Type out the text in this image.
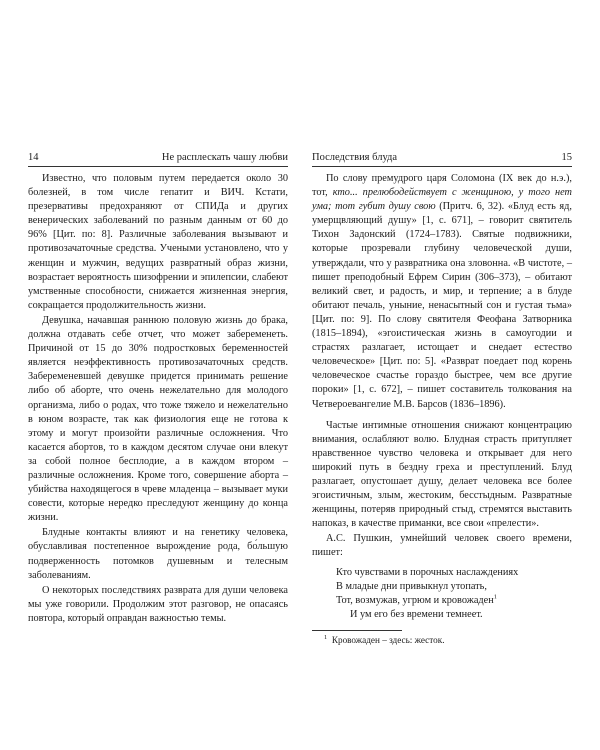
14	Не расплескать чашу любви

Известно, что половым путем передается около 30 болезней, в том числе гепатит и ВИЧ. Кстати, презервативы предохраняют от СПИДа и других венерических заболеваний по разным данным от 60 до 96% [Цит. по: 8]. Различные заболевания вызывают и противозачаточные средства. Учеными установлено, что у женщин и мужчин, ведущих развратный образ жизни, возрастает вероятность шизофрении и эпилепсии, слабеют умственные способности, снижается жизненная энергия, сокращается продолжительность жизни.

Девушка, начавшая раннюю половую жизнь до брака, должна отдавать себе отчет, что может забеременеть. Причиной от 15 до 30% подростковых беременностей является неэффективность противозачаточных средств. Забеременевшей девушке придется принимать решение либо об аборте, что очень нежелательно для молодого организма, либо о родах, что тоже тяжело и нежелательно в юном возрасте, так как физиология еще не готова к этому и могут произойти различные осложнения. Что касается абортов, то в каждом десятом случае они влекут за собой полное бесплодие, а в каждом втором – различные осложнения. Кроме того, совершение аборта – убийства находящегося в чреве младенца – вызывает муки совести, которые нередко преследуют женщину до конца жизни.

Блудные контакты влияют и на генетику человека, обуславливая постепенное вырождение рода, бо́льшую подверженность потомков душевным и телесным заболеваниям.

О некоторых последствиях разврата для души человека мы уже говорили. Продолжим этот разговор, не опасаясь повтора, который оправдан важностью темы.

Последствия блуда	15

По слову премудрого царя Соломона (IX век до н.э.), тот, кто... прелюбодействует с женщиною, у того нет ума; тот губит душу свою (Притч. 6, 32). «Блуд есть яд, умерщвляющий душу» [1, с. 671], – говорит святитель Тихон Задонский (1724–1783). Святые подвижники, которые прозревали глубину человеческой души, утверждали, что у развратника она зловонна. «В чистоте, – пишет преподобный Ефрем Сирин (306–373), – обитают великий свет, и радость, и мир, и терпение; а в блуде обитают печаль, уныние, ненасытный сон и густая тьма» [Цит. по: 9]. По слову святителя Феофана Затворника (1815–1894), «эгоистическая жизнь в самоугодии и страстях разлагает, истощает и снедает естество человеческое» [Цит. по: 5]. «Разврат поедает под корень человеческое счастье гораздо быстрее, чем все другие пороки» [1, с. 672], – пишет составитель толкования на Четвероевангелие М.В. Барсов (1836–1896).

Частые интимные отношения снижают концентрацию внимания, ослабляют волю. Блудная страсть притупляет нравственное чувство человека и открывает для него широкий путь в бездну греха и преступлений. Блуд разлагает, опустошает душу, делает человека все более эгоистичным, злым, жестоким, бесстыдным. Развратные женщины, потеряв природный стыд, стремятся выставить напоказ, в качестве приманки, все свои «прелести».

А.С. Пушкин, умнейший человек своего времени, пишет:

Кто чувствами в порочных наслаждениях
В младые дни привыкнул утопать,
Тот, возмужав, угрюм и кровожаден$^1$
И ум его без времени темнеет.
$^1$ Кровожаден – здесь: жесток.
